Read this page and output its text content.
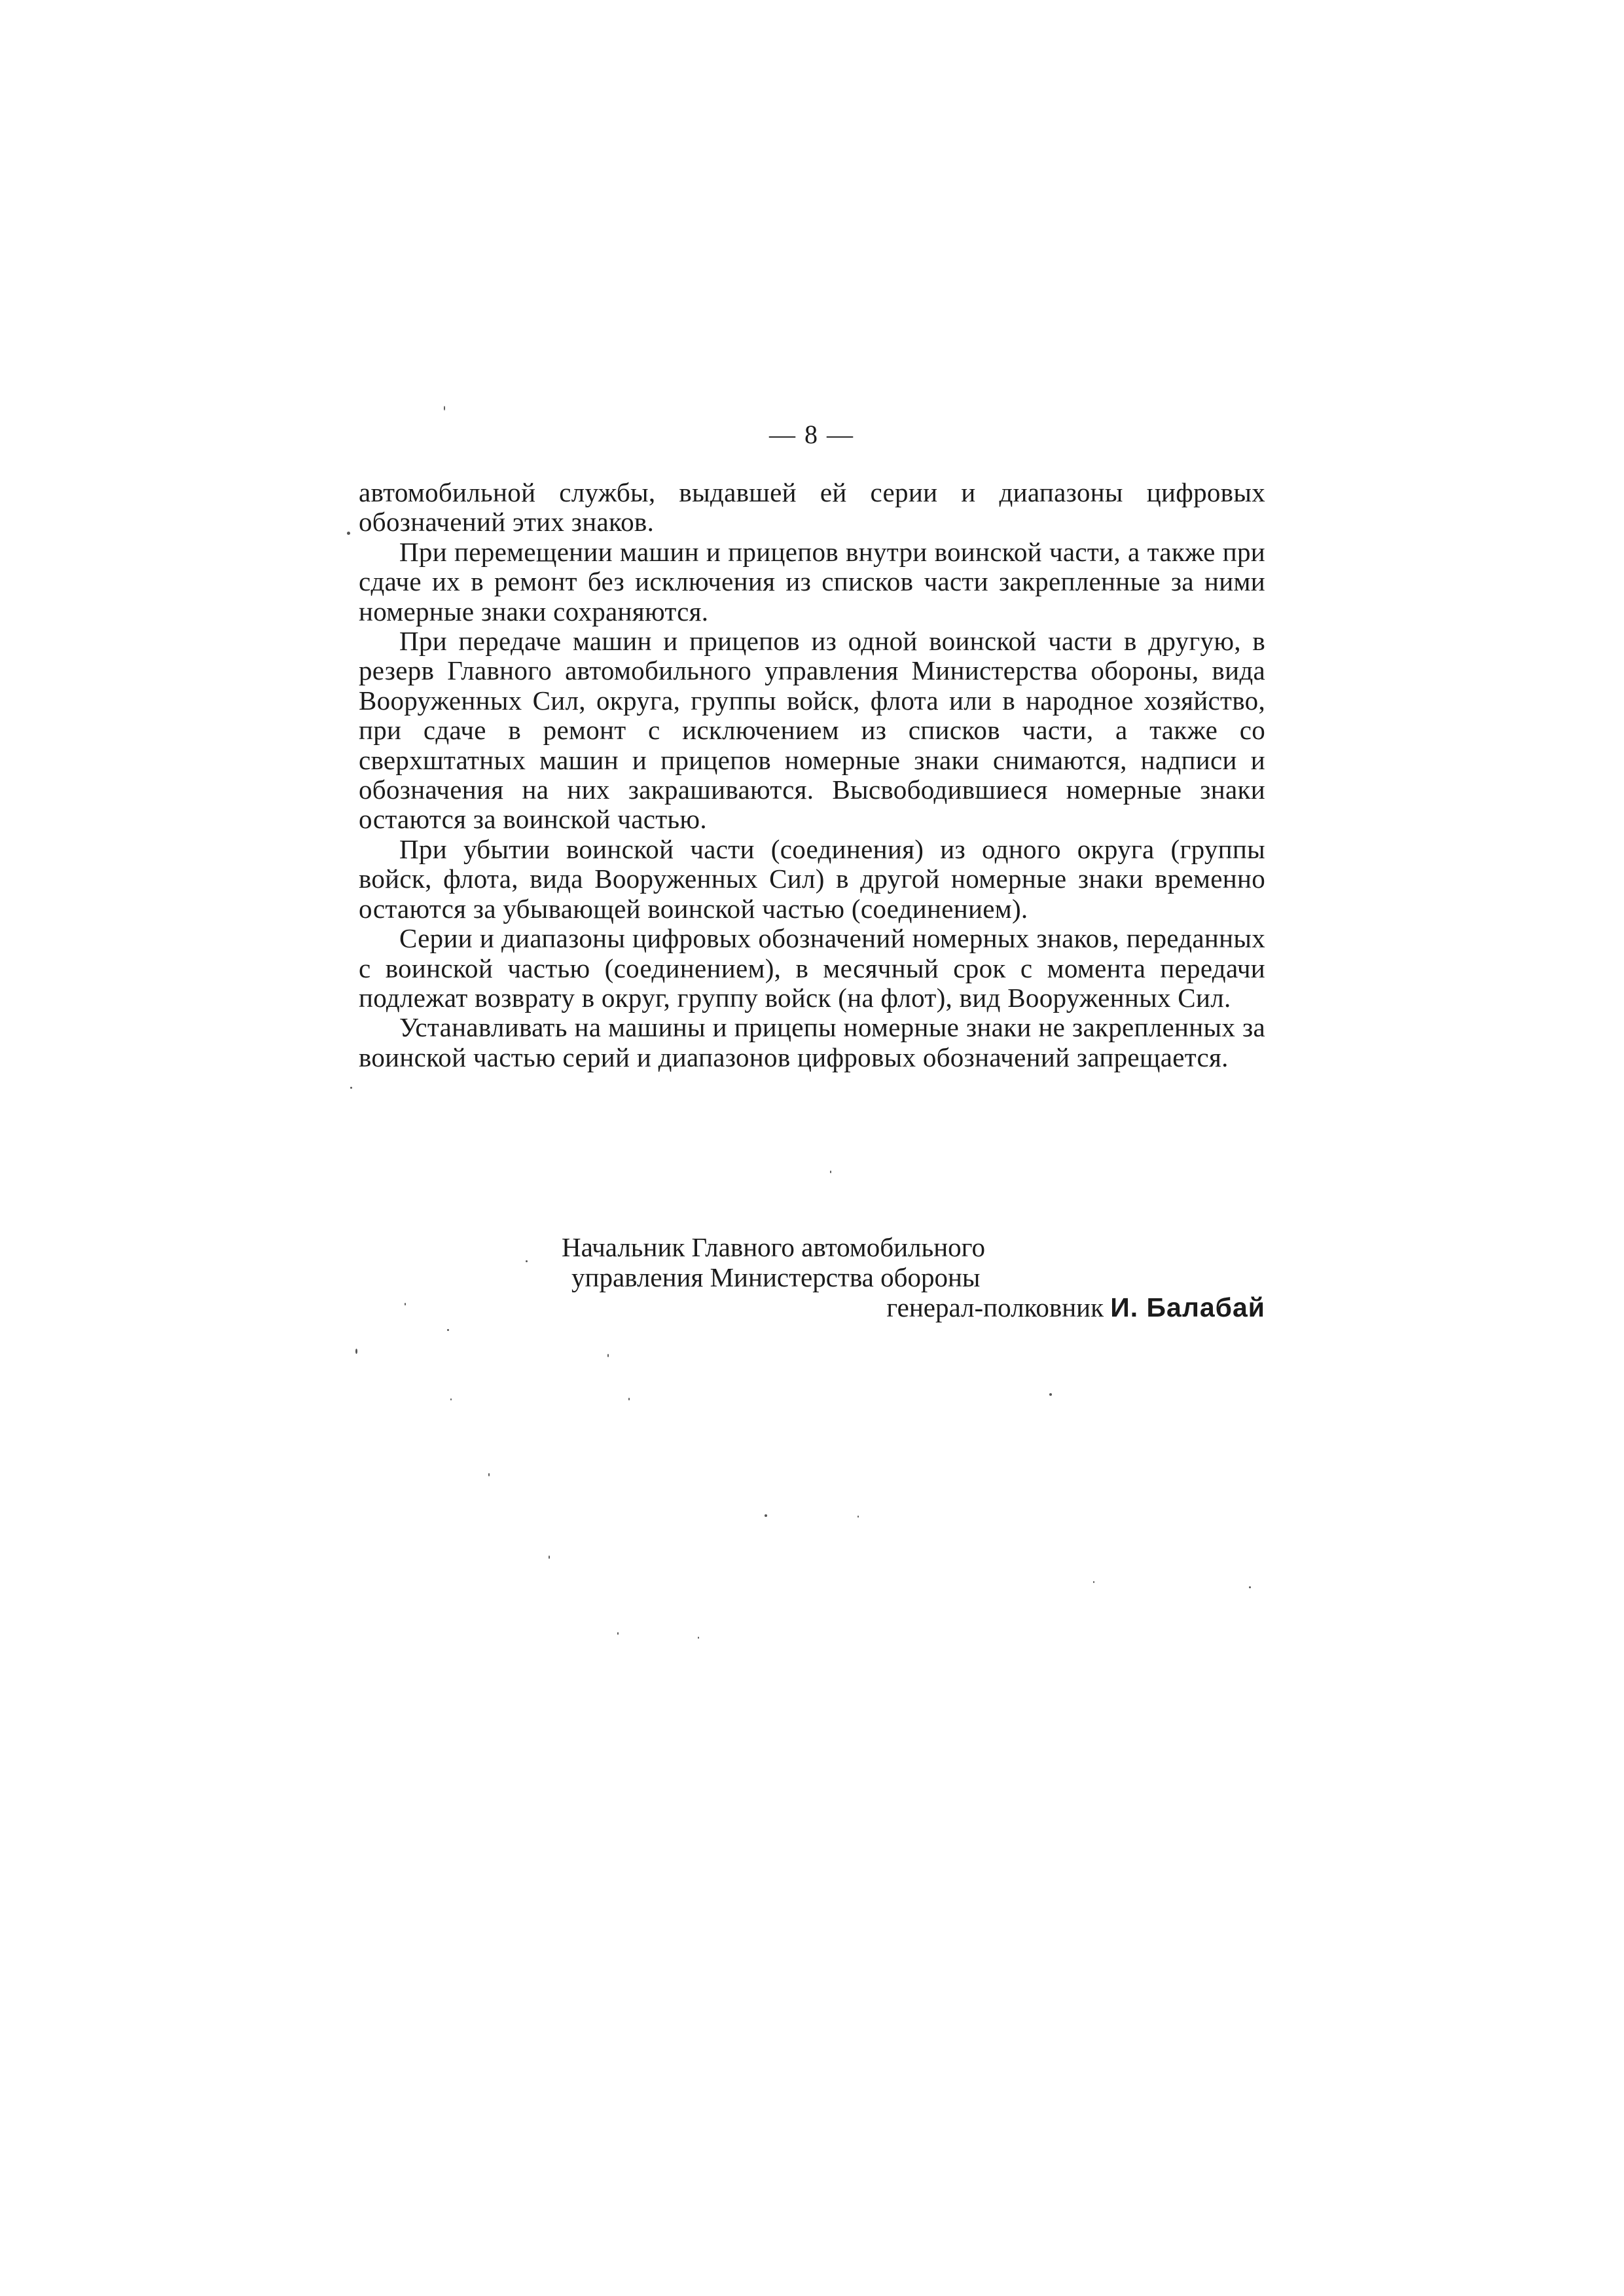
— 8 —

автомобильной службы, выдавшей ей серии и диапазоны цифровых обозначений этих знаков.

При перемещении машин и прицепов внутри воинской части, а также при сдаче их в ремонт без исключения из списков части закрепленные за ними номерные знаки сохраняются.

При передаче машин и прицепов из одной воинской части в другую, в резерв Главного автомобильного управления Министерства обороны, вида Вооруженных Сил, округа, группы войск, флота или в народное хозяйство, при сдаче в ремонт с исключением из списков части, а также со сверхштатных машин и прицепов номерные знаки снимаются, надписи и обозначения на них закрашиваются. Высвободившиеся номерные знаки остаются за воинской частью.

При убытии воинской части (соединения) из одного округа (группы войск, флота, вида Вооруженных Сил) в другой номерные знаки временно остаются за убывающей воинской частью (соединением).

Серии и диапазоны цифровых обозначений номерных знаков, переданных с воинской частью (соединением), в месячный срок с момента передачи подлежат возврату в округ, группу войск (на флот), вид Вооруженных Сил.

Устанавливать на машины и прицепы номерные знаки не закрепленных за воинской частью серий и диапазонов цифровых обозначений запрещается.

Начальник Главного автомобильного
управления Министерства обороны
генерал-полковник И. Балабай
